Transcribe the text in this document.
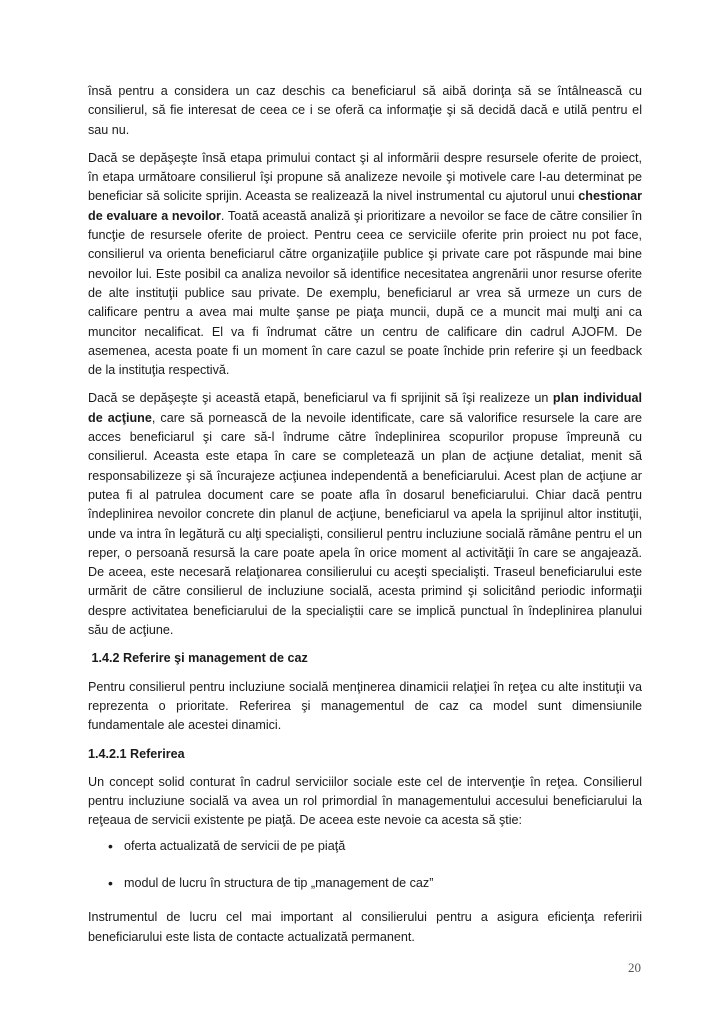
însă pentru a considera un caz deschis ca beneficiarul să aibă dorinţa să se întâlnească cu consilierul, să fie interesat de ceea ce i se oferă ca informaţie şi să decidă dacă e utilă pentru el sau nu.

Dacă se depăşeşte însă etapa primului contact şi al informării despre resursele oferite de proiect, în etapa următoare consilierul îşi propune să analizeze nevoile şi motivele care l-au determinat pe beneficiar să solicite sprijin. Aceasta se realizează la nivel instrumental cu ajutorul unui chestionar de evaluare a nevoilor. Toată această analiză şi prioritizare a nevoilor se face de către consilier în funcţie de resursele oferite de proiect. Pentru ceea ce serviciile oferite prin proiect nu pot face, consilierul va orienta beneficiarul către organizaţiile publice şi private care pot răspunde mai bine nevoilor lui. Este posibil ca analiza nevoilor să identifice necesitatea angrenării unor resurse oferite de alte instituţii publice sau private. De exemplu, beneficiarul ar vrea să urmeze un curs de calificare pentru a avea mai multe şanse pe piaţa muncii, după ce a muncit mai mulţi ani ca muncitor necalificat. El va fi îndrumat către un centru de calificare din cadrul AJOFM. De asemenea, acesta poate fi un moment în care cazul se poate închide prin referire şi un feedback de la instituţia respectivă.

Dacă se depăşeşte şi această etapă, beneficiarul va fi sprijinit să îşi realizeze un plan individual de acţiune, care să pornească de la nevoile identificate, care să valorifice resursele la care are acces beneficiarul şi care să-l îndrume către îndeplinirea scopurilor propuse împreună cu consilierul. Aceasta este etapa în care se completează un plan de acţiune detaliat, menit să responsabilizeze şi să încurajeze acţiunea independentă a beneficiarului. Acest plan de acţiune ar putea fi al patrulea document care se poate afla în dosarul beneficiarului. Chiar dacă pentru îndeplinirea nevoilor concrete din planul de acţiune, beneficiarul va apela la sprijinul altor instituţii, unde va intra în legătură cu alţi specialişti, consilierul pentru incluziune socială rămâne pentru el un reper, o persoană resursă la care poate apela în orice moment al activităţii în care se angajează. De aceea, este necesară relaţionarea consilierului cu aceşti specialişti. Traseul beneficiarului este urmărit de către consilierul de incluziune socială, acesta primind şi solicitând periodic informaţii despre activitatea beneficiarului de la specialiştii care se implică punctual în îndeplinirea planului său de acţiune.

1.4.2 Referire şi management de caz

Pentru consilierul pentru incluziune socială menţinerea dinamicii relaţiei în reţea cu alte instituţii va reprezenta o prioritate. Referirea şi managementul de caz ca model sunt dimensiunile fundamentale ale acestei dinamici.

1.4.2.1 Referirea

Un concept solid conturat în cadrul serviciilor sociale este cel de intervenţie în reţea. Consilierul pentru incluziune socială va avea un rol primordial în managementului accesului beneficiarului la reţeaua de servicii existente pe piaţă. De aceea este nevoie ca acesta să ştie:

• oferta actualizată de servicii de pe piaţă
• modul de lucru în structura de tip „management de caz”

Instrumentul de lucru cel mai important al consilierului pentru a asigura eficienţa referirii beneficiarului este lista de contacte actualizată permanent.

20
